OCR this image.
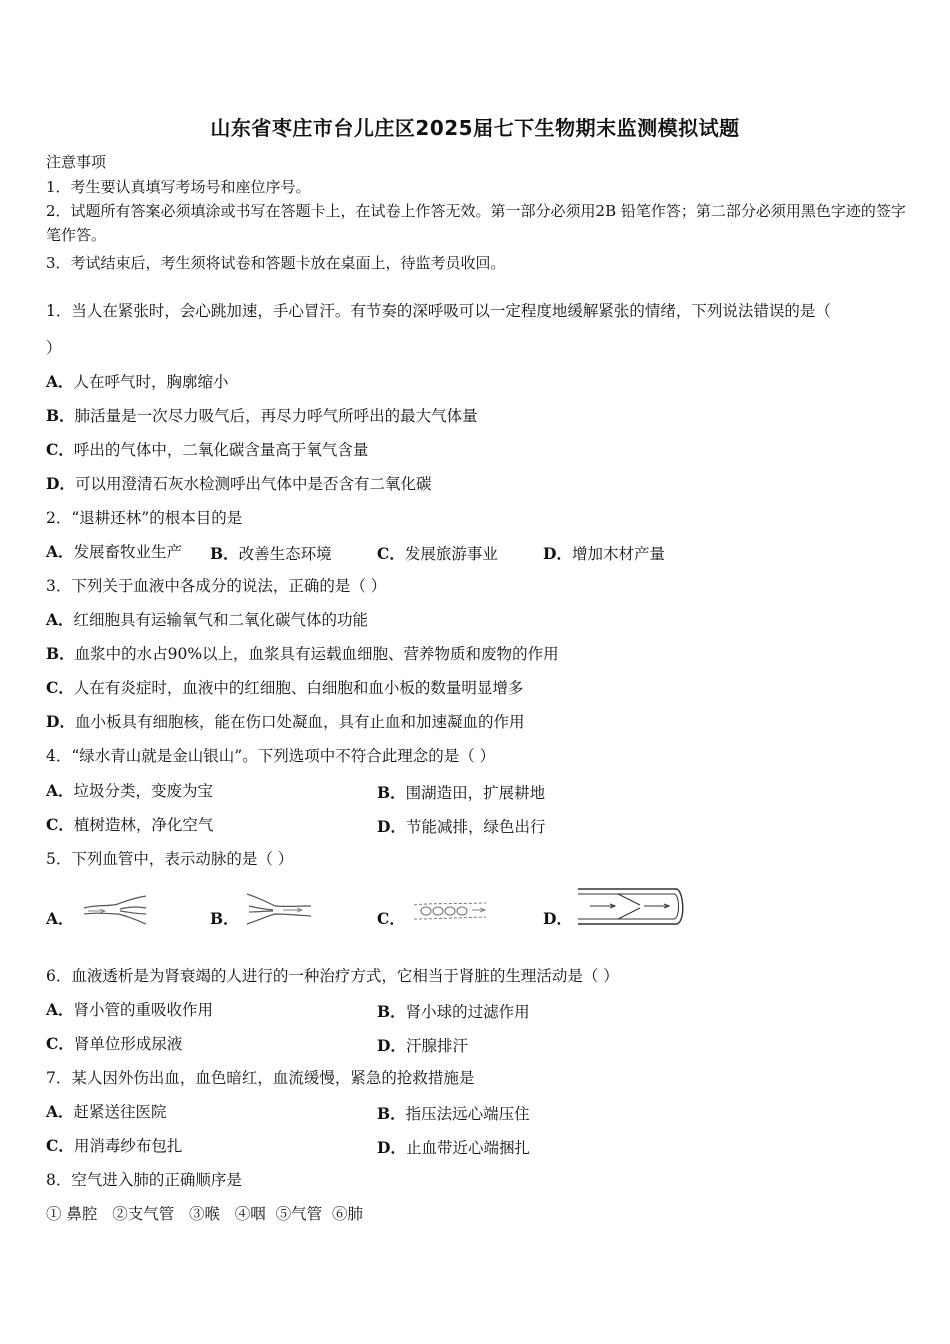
山东省枣庄市台儿庄区2025届七下生物期末监测模拟试题
注意事项
1．考生要认真填写考场号和座位序号。
2．试题所有答案必须填涂或书写在答题卡上，在试卷上作答无效。第一部分必须用2B 铅笔作答；第二部分必须用黑色字迹的签字笔作答。
3．考试结束后，考生须将试卷和答题卡放在桌面上，待监考员收回。
1．当人在紧张时，会心跳加速，手心冒汗。有节奏的深呼吸可以一定程度地缓解紧张的情绪，下列说法错误的是（
）
A．人在呼气时，胸廓缩小
B．肺活量是一次尽力吸气后，再尽力呼气所呼出的最大气体量
C．呼出的气体中，二氧化碳含量高于氧气含量
D．可以用澄清石灰水检测呼出气体中是否含有二氧化碳
2．“退耕还林”的根本目的是
A．发展畜牧业生产 B．改善生态环境	C．发展旅游事业	D．增加木材产量
3．下列关于血液中各成分的说法，正确的是（ ）
A．红细胞具有运输氧气和二氧化碳气体的功能
B．血浆中的水占90%以上，血浆具有运载血细胞、营养物质和废物的作用
C．人在有炎症时，血液中的红细胞、白细胞和血小板的数量明显增多
D．血小板具有细胞核，能在伤口处凝血，具有止血和加速凝血的作用
4．“绿水青山就是金山银山”。下列选项中不符合此理念的是（ ）
A．垃圾分类，变废为宝	B．围湖造田，扩展耕地
C．植树造林，净化空气	D．节能减排，绿色出行
5．下列血管中，表示动脉的是（ ）
A．	B．	C．	D．
6．血液透析是为肾衰竭的人进行的一种治疗方式，它相当于肾脏的生理活动是（ ）
A．肾小管的重吸收作用	B．肾小球的过滤作用
C．肾单位形成尿液	D．汗腺排汗
7．某人因外伤出血，血色暗红，血流缓慢，紧急的抢救措施是
A．赶紧送往医院	B．指压法远心端压住
C．用消毒纱布包扎	D．止血带近心端捆扎
8．空气进入肺的正确顺序是
① 鼻腔   ②支气管   ③喉   ④咽  ⑤气管  ⑥肺
